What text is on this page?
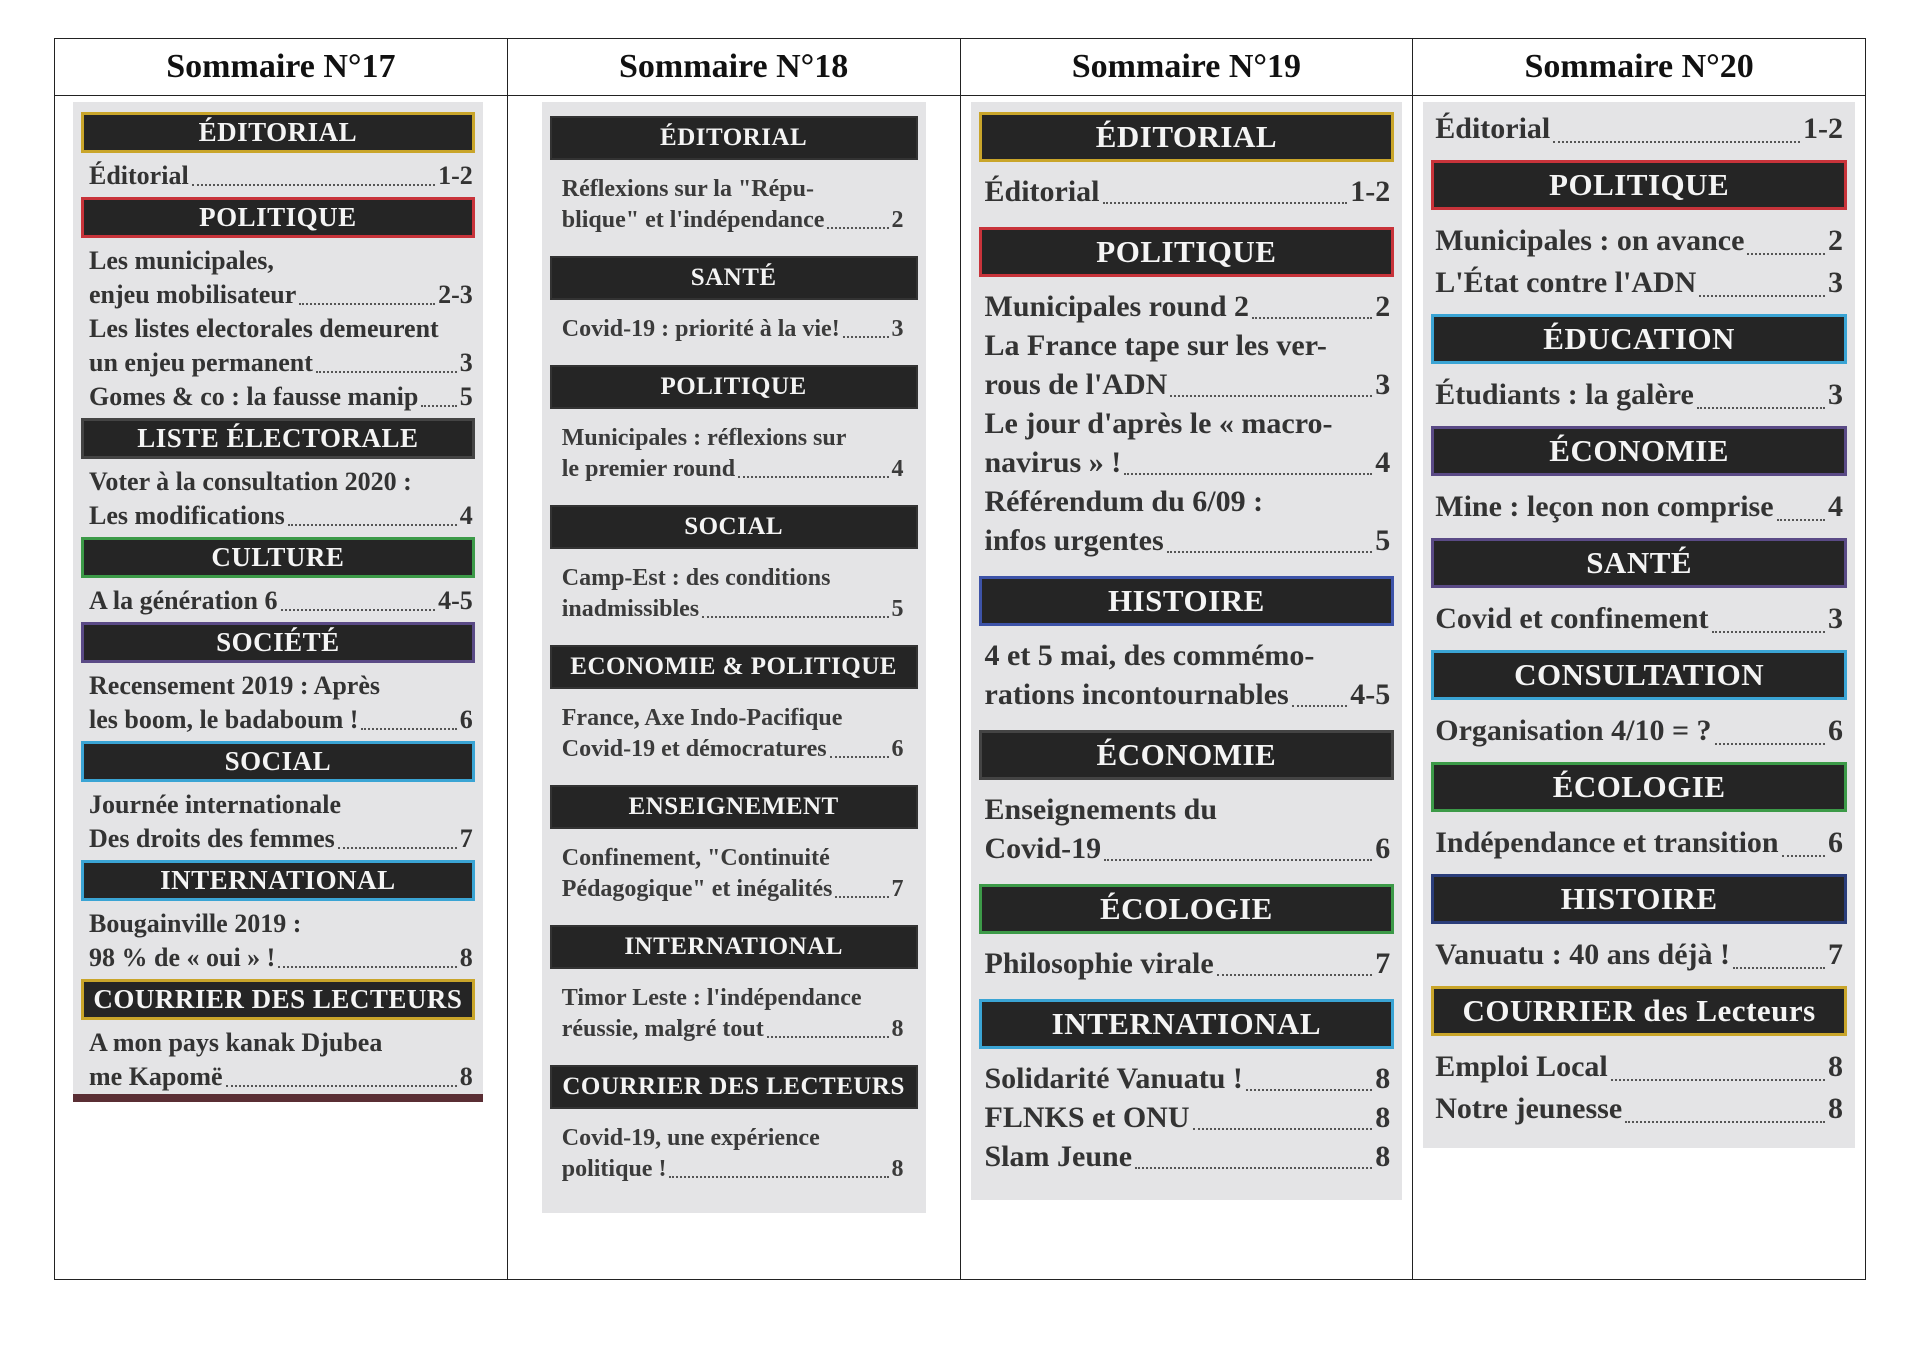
Sommaire N°17
ÉDITORIAL
Éditorial	1-2
POLITIQUE
Les municipales,
enjeu mobilisateur	2-3
Les listes electorales demeurent
un enjeu permanent	3
Gomes & co : la fausse manip 5
LISTE ÉLECTORALE
Voter à la consultation 2020 :
Les modifications	4
CULTURE
A la génération 6	4-5
SOCIÉTÉ
Recensement 2019 : Après
les boom, le badaboum !	6
SOCIAL
Journée internationale
Des droits des femmes	7
INTERNATIONAL
Bougainville 2019 :
98 % de « oui » !	8
COURRIER DES LECTEURS
A mon pays kanak Djubea
me Kapomë	8
Sommaire N°18
ÉDITORIAL
Réflexions sur la "Répu-
blique" et l'indépendance	2
SANTÉ
Covid-19 : priorité à la vie! 3
POLITIQUE
Municipales : réflexions sur
le premier round	4
SOCIAL
Camp-Est : des conditions
inadmissibles	5
ECONOMIE & POLITIQUE
France, Axe Indo-Pacifique
Covid-19 et démocratures	6
ENSEIGNEMENT
Confinement, "Continuité
Pédagogique" et inégalités 7
INTERNATIONAL
Timor Leste : l'indépendance
réussie, malgré tout	8
COURRIER DES LECTEURS
Covid-19, une expérience
politique !	8
Sommaire N°19
ÉDITORIAL
Éditorial	1-2
POLITIQUE
Municipales round 2	2
La France tape sur les ver-
rous de l'ADN	3
Le jour d'après le « macro-
navirus » !	4
Référendum du 6/09 :
infos urgentes	5
HISTOIRE
4 et 5 mai, des commémo-
rations incontournables 4-5
ÉCONOMIE
Enseignements du
Covid-19	6
ÉCOLOGIE
Philosophie virale	7
INTERNATIONAL
Solidarité Vanuatu !	8
FLNKS et ONU	8
Slam Jeune	8
Sommaire N°20
Éditorial	1-2
POLITIQUE
Municipales : on avance	2
L'État contre l'ADN	3
ÉDUCATION
Étudiants : la galère	3
ÉCONOMIE
Mine : leçon non comprise 4
SANTÉ
Covid et confinement	3
CONSULTATION
Organisation 4/10 = ?	6
ÉCOLOGIE
Indépendance et transition 6
HISTOIRE
Vanuatu : 40 ans déjà !	7
COURRIER des Lecteurs
Emploi Local	8
Notre jeunesse	8
